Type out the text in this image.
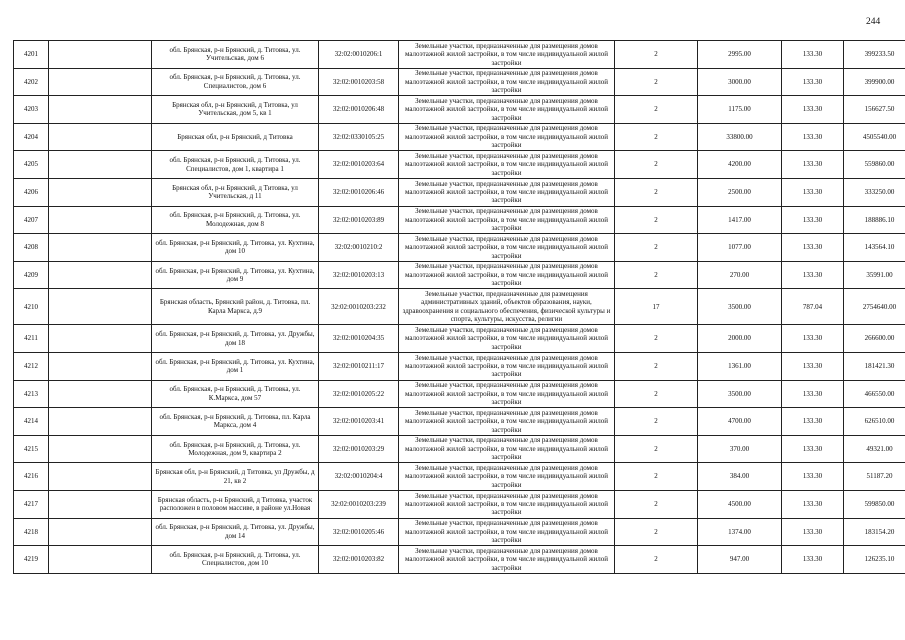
244
4201		обл. Брянская, р-н Брянский, д. Титовка, ул. Учительская, дом 6	32:02:0010206:1	Земельные участки, предназначенные для размещения домов малоэтажной жилой застройки, в том числе индивидуальной жилой застройки	2	2995.00	133.30	399233.50
4202		обл. Брянская, р-н Брянский, д. Титовка, ул. Специалистов, дом 6	32:02:0010203:58	Земельные участки, предназначенные для размещения домов малоэтажной жилой застройки, в том числе индивидуальной жилой застройки	2	3000.00	133.30	399900.00
4203		Брянская обл, р-н Брянский, д Титовка, ул Учительская, дом 5, кв 1	32:02:0010206:48	Земельные участки, предназначенные для размещения домов малоэтажной жилой застройки, в том числе индивидуальной жилой застройки	2	1175.00	133.30	156627.50
4204		Брянская обл, р-н Брянский, д Титовка	32:02:0330105:25	Земельные участки, предназначенные для размещения домов малоэтажной жилой застройки, в том числе индивидуальной жилой застройки	2	33800.00	133.30	4505540.00
4205		обл. Брянская, р-н Брянский, д. Титовка, ул. Специалистов, дом 1, квартира 1	32:02:0010203:64	Земельные участки, предназначенные для размещения домов малоэтажной жилой застройки, в том числе индивидуальной жилой застройки	2	4200.00	133.30	559860.00
4206		Брянская обл, р-н Брянский, д Титовка, ул Учительская, д 11	32:02:0010206:46	Земельные участки, предназначенные для размещения домов малоэтажной жилой застройки, в том числе индивидуальной жилой застройки	2	2500.00	133.30	333250.00
4207		обл. Брянская, р-н Брянский, д. Титовка, ул. Молодежная, дом 8	32:02:0010203:89	Земельные участки, предназначенные для размещения домов малоэтажной жилой застройки, в том числе индивидуальной жилой застройки	2	1417.00	133.30	188886.10
4208		обл. Брянская, р-н Брянский, д. Титовка, ул. Кухтина, дом 10	32:02:0010210:2	Земельные участки, предназначенные для размещения домов малоэтажной жилой застройки, в том числе индивидуальной жилой застройки	2	1077.00	133.30	143564.10
4209		обл. Брянская, р-н Брянский, д. Титовка, ул. Кухтина, дом 9	32:02:0010203:13	Земельные участки, предназначенные для размещения домов малоэтажной жилой застройки, в том числе индивидуальной жилой застройки	2	270.00	133.30	35991.00
4210		Брянская область, Брянский район, д. Титовка, пл. Карла Маркса, д.9	32:02:0010203:232	Земельные участки, предназначенные для размещения административных зданий, объектов образования, науки, здравоохранения и социального обеспечения, физической культуры и спорта, культуры, искусства, религии	17	3500.00	787.04	2754640.00
4211		обл. Брянская, р-н Брянский, д. Титовка, ул. Дружбы, дом 18	32:02:0010204:35	Земельные участки, предназначенные для размещения домов малоэтажной жилой застройки, в том числе индивидуальной жилой застройки	2	2000.00	133.30	266600.00
4212		обл. Брянская, р-н Брянский, д. Титовка, ул. Кухтина, дом 1	32:02:0010211:17	Земельные участки, предназначенные для размещения домов малоэтажной жилой застройки, в том числе индивидуальной жилой застройки	2	1361.00	133.30	181421.30
4213		обл. Брянская, р-н Брянский, д. Титовка, ул. К.Маркса, дом 57	32:02:0010205:22	Земельные участки, предназначенные для размещения домов малоэтажной жилой застройки, в том числе индивидуальной жилой застройки	2	3500.00	133.30	466550.00
4214		обл. Брянская, р-н Брянский, д. Титовка, пл. Карла Маркса, дом 4	32:02:0010203:41	Земельные участки, предназначенные для размещения домов малоэтажной жилой застройки, в том числе индивидуальной жилой застройки	2	4700.00	133.30	626510.00
4215		обл. Брянская, р-н Брянский, д. Титовка, ул. Молодежная, дом 9, квартира 2	32:02:0010203:29	Земельные участки, предназначенные для размещения домов малоэтажной жилой застройки, в том числе индивидуальной жилой застройки	2	370.00	133.30	49321.00
4216		Брянская обл, р-н Брянский, д Титовка, ул Дружбы, д 21, кв 2	32:02:0010204:4	Земельные участки, предназначенные для размещения домов малоэтажной жилой застройки, в том числе индивидуальной жилой застройки	2	384.00	133.30	51187.20
4217		Брянская область, р-н Брянский, д Титовка, участок расположен в половом массиве, в районе ул.Новая	32:02:0010203:239	Земельные участки, предназначенные для размещения домов малоэтажной жилой застройки, в том числе индивидуальной жилой застройки	2	4500.00	133.30	599850.00
4218		обл. Брянская, р-н Брянский, д. Титовка, ул. Дружбы, дом 14	32:02:0010205:46	Земельные участки, предназначенные для размещения домов малоэтажной жилой застройки, в том числе индивидуальной жилой застройки	2	1374.00	133.30	183154.20
4219		обл. Брянская, р-н Брянский, д. Титовка, ул. Специалистов, дом 10	32:02:0010203:82	Земельные участки, предназначенные для размещения домов малоэтажной жилой застройки, в том числе индивидуальной жилой застройки	2	947.00	133.30	126235.10
